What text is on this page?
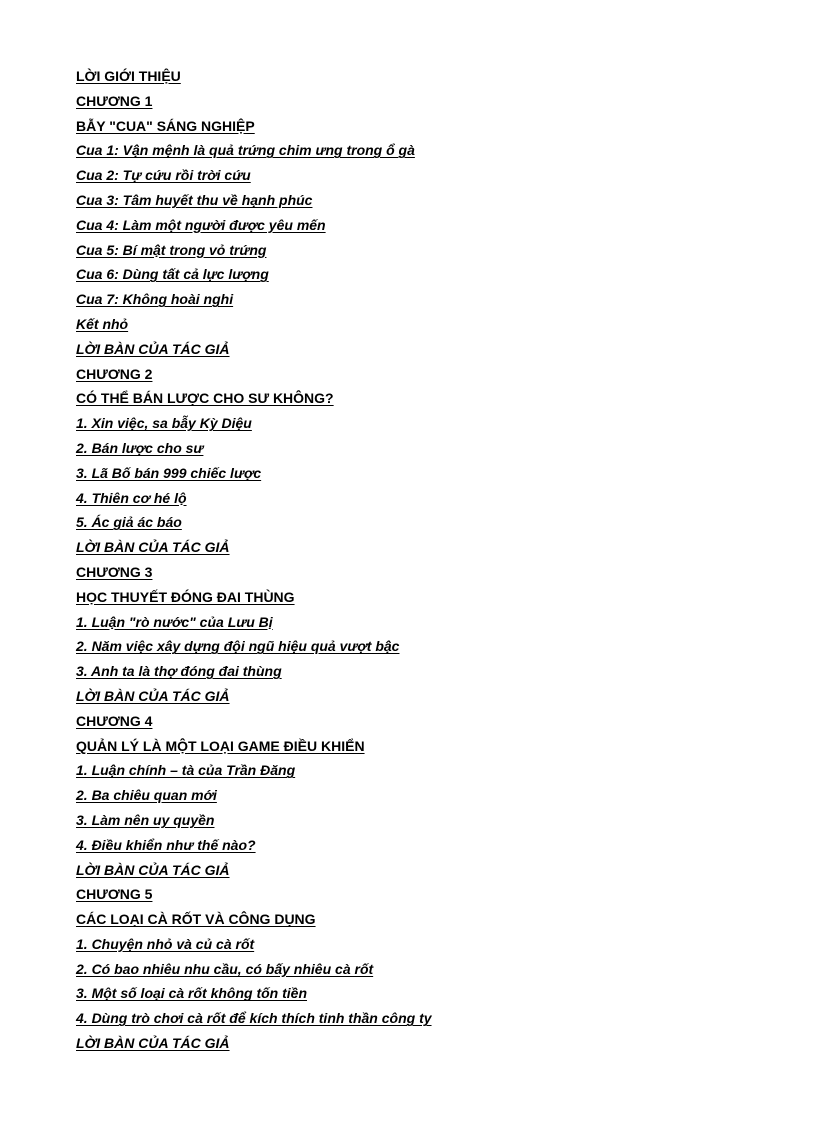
LỜI GIỚI THIỆU
CHƯƠNG 1
BẪY "CUA" SÁNG NGHIỆP
Cua 1: Vận mệnh là quả trứng chim ưng trong ổ gà
Cua 2: Tự cứu rồi trời cứu
Cua 3: Tâm huyết thu về hạnh phúc
Cua 4: Làm một người được yêu mến
Cua 5: Bí mật trong vỏ trứng
Cua 6: Dùng tất cả lực lượng
Cua 7: Không hoài nghi
Kết nhỏ
LỜI BÀN CỦA TÁC GIẢ
CHƯƠNG 2
CÓ THỂ BÁN LƯỢC CHO SƯ KHÔNG?
1. Xin việc, sa bẫy Kỳ Diệu
2. Bán lược cho sư
3. Lã Bố bán 999 chiếc lược
4. Thiên cơ hé lộ
5. Ác giả ác báo
LỜI BÀN CỦA TÁC GIẢ
CHƯƠNG 3
HỌC THUYẾT ĐÓNG ĐAI THÙNG
1. Luận "rò nước" của Lưu Bị
2. Năm việc xây dựng đội ngũ hiệu quả vượt bậc
3. Anh ta là thợ đóng đai thùng
LỜI BÀN CỦA TÁC GIẢ
CHƯƠNG 4
QUẢN LÝ LÀ MỘT LOẠI GAME ĐIỀU KHIỂN
1. Luận chính – tà của Trần Đăng
2. Ba chiêu quan mới
3. Làm nên uy quyền
4. Điều khiển như thế nào?
LỜI BÀN CỦA TÁC GIẢ
CHƯƠNG 5
CÁC LOẠI CÀ RỐT VÀ CÔNG DỤNG
1. Chuyện nhỏ và củ cà rốt
2. Có bao nhiêu nhu cầu, có bấy nhiêu cà rốt
3. Một số loại cà rốt không tốn tiền
4. Dùng trò chơi cà rốt để kích thích tinh thần công ty
LỜI BÀN CỦA TÁC GIẢ
